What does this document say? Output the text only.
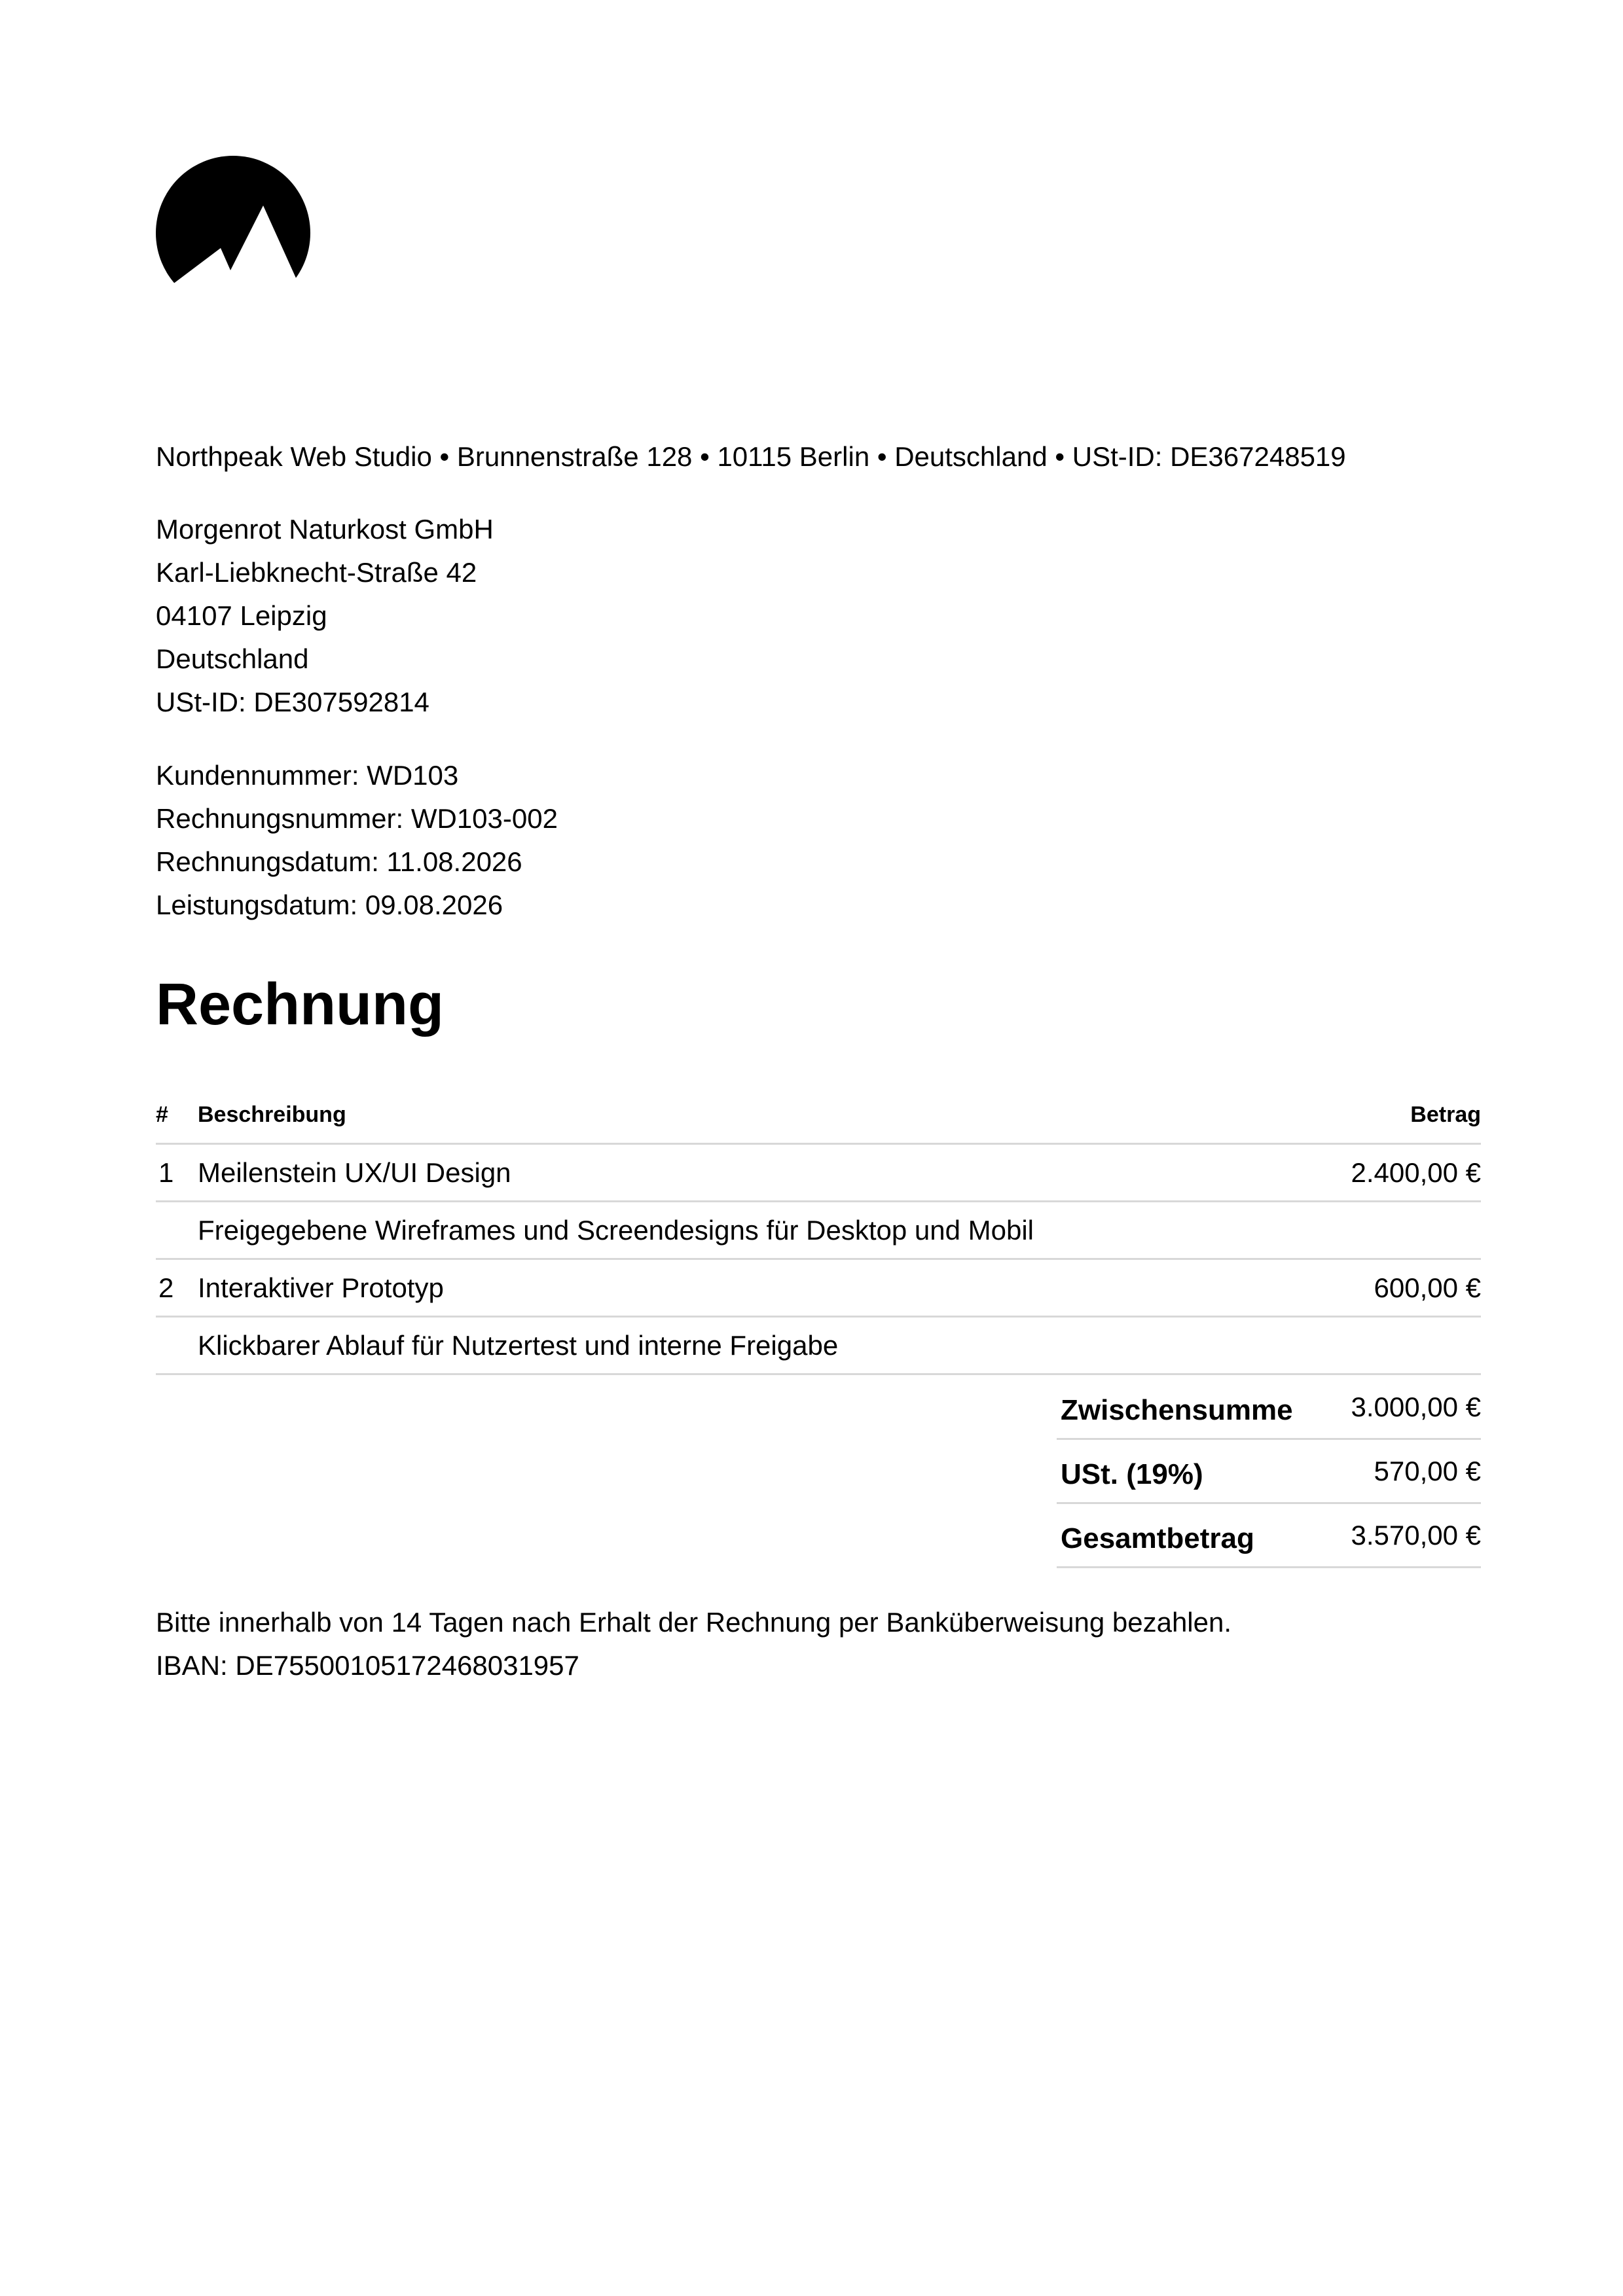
Northpeak Web Studio • Brunnenstraße 128 • 10115 Berlin • Deutschland • USt-ID: DE367248519
Morgenrot Naturkost GmbH
Karl-Liebknecht-Straße 42
04107 Leipzig
Deutschland
USt-ID: DE307592814
Kundennummer: WD103
Rechnungsnummer: WD103-002
Rechnungsdatum: 11.08.2026
Leistungsdatum: 09.08.2026
Rechnung
#	Beschreibung	Betrag
1	Meilenstein UX/UI Design	2.400,00 €
	Freigegebene Wireframes und Screendesigns für Desktop und Mobil	
2	Interaktiver Prototyp	600,00 €
	Klickbarer Ablauf für Nutzertest und interne Freigabe	
Zwischensumme	3.000,00 €
USt. (19%)	570,00 €
Gesamtbetrag	3.570,00 €
Bitte innerhalb von 14 Tagen nach Erhalt der Rechnung per Banküberweisung bezahlen.
IBAN: DE75500105172468031957
